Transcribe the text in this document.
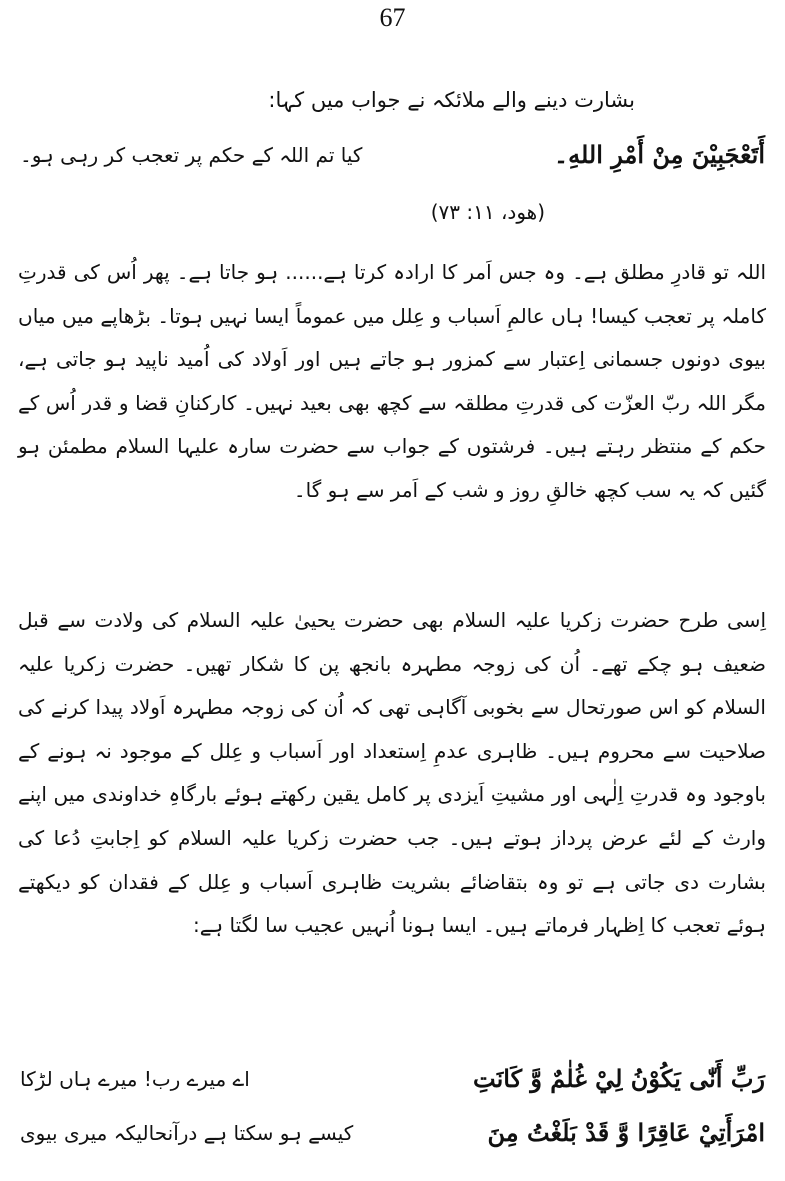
67
بشارت دینے والے ملائکہ نے جواب میں کہا:
أَتَعْجَبِيْنَ مِنْ أَمْرِ اللهِ۔
کیا تم اللہ کے حکم پر تعجب کر رہی ہو۔
(هود، ۱۱: ۷۳)

اللہ تو قادرِ مطلق ہے۔ وہ جس اَمر کا ارادہ کرتا ہے...... ہو جاتا ہے۔ پھر اُس کی قدرتِ کاملہ پر تعجب کیسا! ہاں عالمِ اَسباب و عِلل میں عموماً ایسا نہیں ہوتا۔ بڑھاپے میں میاں بیوی دونوں جسمانی اِعتبار سے کمزور ہو جاتے ہیں اور اَولاد کی اُمید ناپید ہو جاتی ہے، مگر اللہ ربّ العزّت کی قدرتِ مطلقہ سے کچھ بھی بعید نہیں۔ کارکنانِ قضا و قدر اُس کے حکم کے منتظر رہتے ہیں۔ فرشتوں کے جواب سے حضرت سارہ علیہا السلام مطمئن ہو گئیں کہ یہ سب کچھ خالقِ روز و شب کے اَمر سے ہو گا۔

اِسی طرح حضرت زکریا علیہ السلام بھی حضرت یحییٰ علیہ السلام کی ولادت سے قبل ضعیف ہو چکے تھے۔ اُن کی زوجہ مطہرہ بانجھ پن کا شکار تھیں۔ حضرت زکریا علیہ السلام کو اس صورتحال سے بخوبی آگاہی تھی کہ اُن کی زوجہ مطہرہ اَولاد پیدا کرنے کی صلاحیت سے محروم ہیں۔ ظاہری عدمِ اِستعداد اور اَسباب و عِلل کے موجود نہ ہونے کے باوجود وہ قدرتِ اِلٰہی اور مشیتِ اَیزدی پر کامل یقین رکھتے ہوئے بارگاہِ خداوندی میں اپنے وارث کے لئے عرض پرداز ہوتے ہیں۔ جب حضرت زکریا علیہ السلام کو اِجابتِ دُعا کی بشارت دی جاتی ہے تو وہ بتقاضائے بشریت ظاہری اَسباب و عِلل کے فقدان کو دیکھتے ہوئے تعجب کا اِظہار فرماتے ہیں۔ ایسا ہونا اُنہیں عجیب سا لگتا ہے:

رَبِّ أَنّٰى يَكُوْنُ لِيْ غُلٰمٌ وَّ كَانَتِ
اے میرے رب! میرے ہاں لڑکا
امْرَأَتِيْ عَاقِرًا وَّ قَدْ بَلَغْتُ مِنَ
کیسے ہو سکتا ہے درآنحالیکہ میری بیوی
